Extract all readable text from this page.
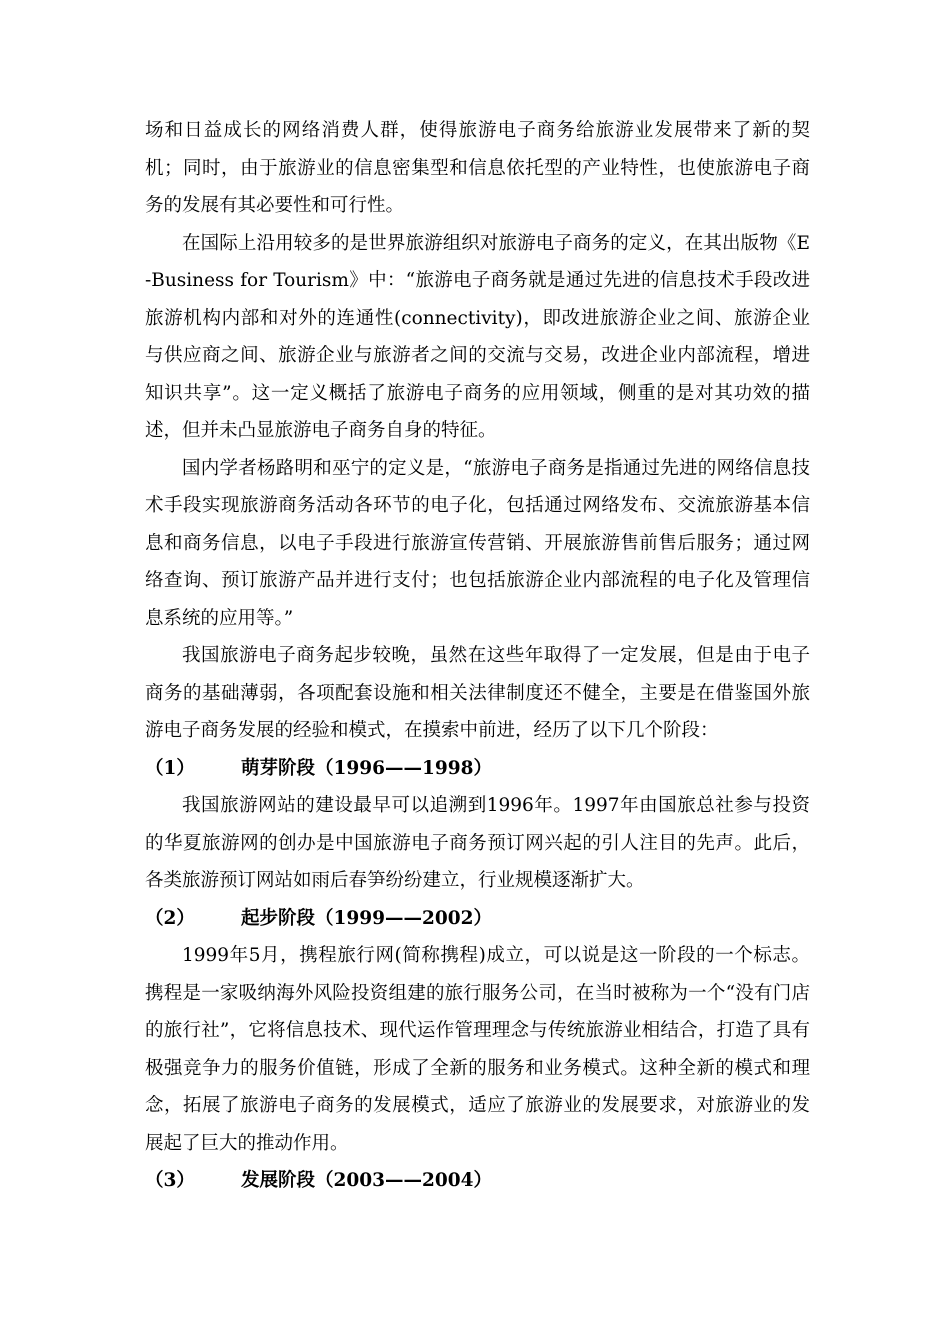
场和日益成长的网络消费人群，使得旅游电子商务给旅游业发展带来了新的契机；同时，由于旅游业的信息密集型和信息依托型的产业特性，也使旅游电子商务的发展有其必要性和可行性。

在国际上沿用较多的是世界旅游组织对旅游电子商务的定义，在其出版物《E-Business for Tourism》中：“旅游电子商务就是通过先进的信息技术手段改进旅游机构内部和对外的连通性(connectivity)，即改进旅游企业之间、旅游企业与供应商之间、旅游企业与旅游者之间的交流与交易，改进企业内部流程，增进知识共享”。这一定义概括了旅游电子商务的应用领域，侧重的是对其功效的描述，但并未凸显旅游电子商务自身的特征。

国内学者杨路明和巫宁的定义是，“旅游电子商务是指通过先进的网络信息技术手段实现旅游商务活动各环节的电子化，包括通过网络发布、交流旅游基本信息和商务信息，以电子手段进行旅游宣传营销、开展旅游售前售后服务；通过网络查询、预订旅游产品并进行支付；也包括旅游企业内部流程的电子化及管理信息系统的应用等。”

我国旅游电子商务起步较晚，虽然在这些年取得了一定发展，但是由于电子商务的基础薄弱，各项配套设施和相关法律制度还不健全，主要是在借鉴国外旅游电子商务发展的经验和模式，在摸索中前进，经历了以下几个阶段：

（1） 萌芽阶段（1996——1998）

我国旅游网站的建设最早可以追溯到1996年。1997年由国旅总社参与投资的华夏旅游网的创办是中国旅游电子商务预订网兴起的引人注目的先声。此后，各类旅游预订网站如雨后春笋纷纷建立，行业规模逐渐扩大。

（2） 起步阶段（1999——2002）

1999年5月，携程旅行网(简称携程)成立，可以说是这一阶段的一个标志。携程是一家吸纳海外风险投资组建的旅行服务公司，在当时被称为一个“没有门店的旅行社”，它将信息技术、现代运作管理理念与传统旅游业相结合，打造了具有极强竞争力的服务价值链，形成了全新的服务和业务模式。这种全新的模式和理念，拓展了旅游电子商务的发展模式，适应了旅游业的发展要求，对旅游业的发展起了巨大的推动作用。

（3） 发展阶段（2003——2004）
